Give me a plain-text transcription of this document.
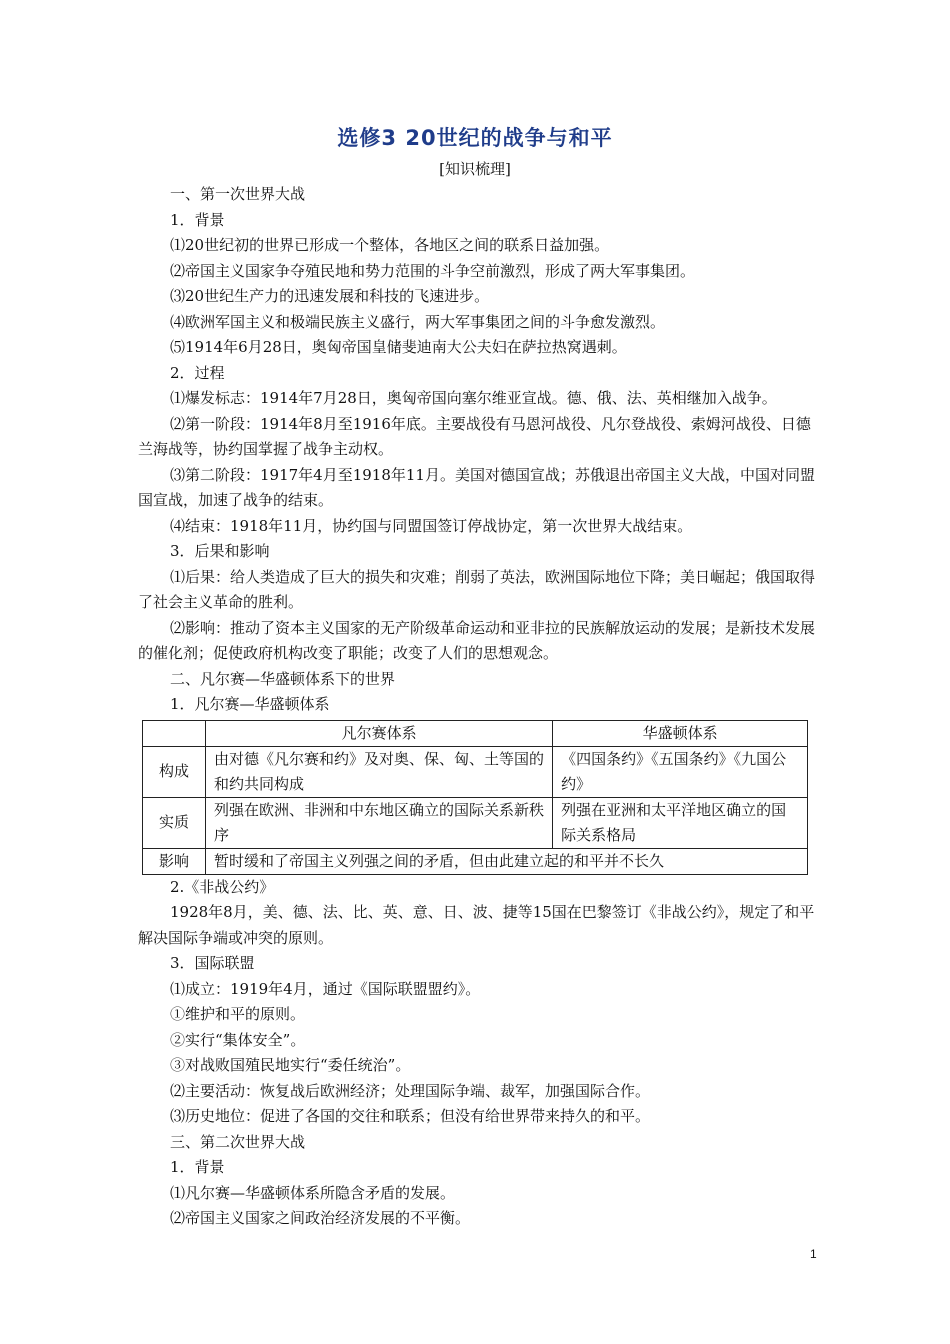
选修3 20世纪的战争与和平
[知识梳理]

一、第一次世界大战

1．背景

⑴20世纪初的世界已形成一个整体，各地区之间的联系日益加强。

⑵帝国主义国家争夺殖民地和势力范围的斗争空前激烈，形成了两大军事集团。

⑶20世纪生产力的迅速发展和科技的飞速进步。

⑷欧洲军国主义和极端民族主义盛行，两大军事集团之间的斗争愈发激烈。

⑸1914年6月28日，奥匈帝国皇储斐迪南大公夫妇在萨拉热窝遇刺。

2．过程

⑴爆发标志：1914年7月28日，奥匈帝国向塞尔维亚宣战。德、俄、法、英相继加入战争。

⑵第一阶段：1914年8月至1916年底。主要战役有马恩河战役、凡尔登战役、索姆河战役、日德兰海战等，协约国掌握了战争主动权。

⑶第二阶段：1917年4月至1918年11月。美国对德国宣战；苏俄退出帝国主义大战，中国对同盟国宣战，加速了战争的结束。

⑷结束：1918年11月，协约国与同盟国签订停战协定，第一次世界大战结束。

3．后果和影响

⑴后果：给人类造成了巨大的损失和灾难；削弱了英法，欧洲国际地位下降；美日崛起；俄国取得了社会主义革命的胜利。

⑵影响：推动了资本主义国家的无产阶级革命运动和亚非拉的民族解放运动的发展；是新技术发展的催化剂；促使政府机构改变了职能；改变了人们的思想观念。

二、凡尔赛—华盛顿体系下的世界

1．凡尔赛—华盛顿体系

	凡尔赛体系	华盛顿体系
构成	由对德《凡尔赛和约》及对奥、保、匈、土等国的和约共同构成	《四国条约》《五国条约》《九国公约》
实质	列强在欧洲、非洲和中东地区确立的国际关系新秩序	列强在亚洲和太平洋地区确立的国际关系格局
影响	暂时缓和了帝国主义列强之间的矛盾，但由此建立起的和平并不长久	

2.《非战公约》

1928年8月，美、德、法、比、英、意、日、波、捷等15国在巴黎签订《非战公约》，规定了和平解决国际争端或冲突的原则。

3．国际联盟

⑴成立：1919年4月，通过《国际联盟盟约》。

①维护和平的原则。

②实行“集体安全”。

③对战败国殖民地实行“委任统治”。

⑵主要活动：恢复战后欧洲经济；处理国际争端、裁军，加强国际合作。

⑶历史地位：促进了各国的交往和联系；但没有给世界带来持久的和平。

三、第二次世界大战

1．背景

⑴凡尔赛—华盛顿体系所隐含矛盾的发展。

⑵帝国主义国家之间政治经济发展的不平衡。

1
